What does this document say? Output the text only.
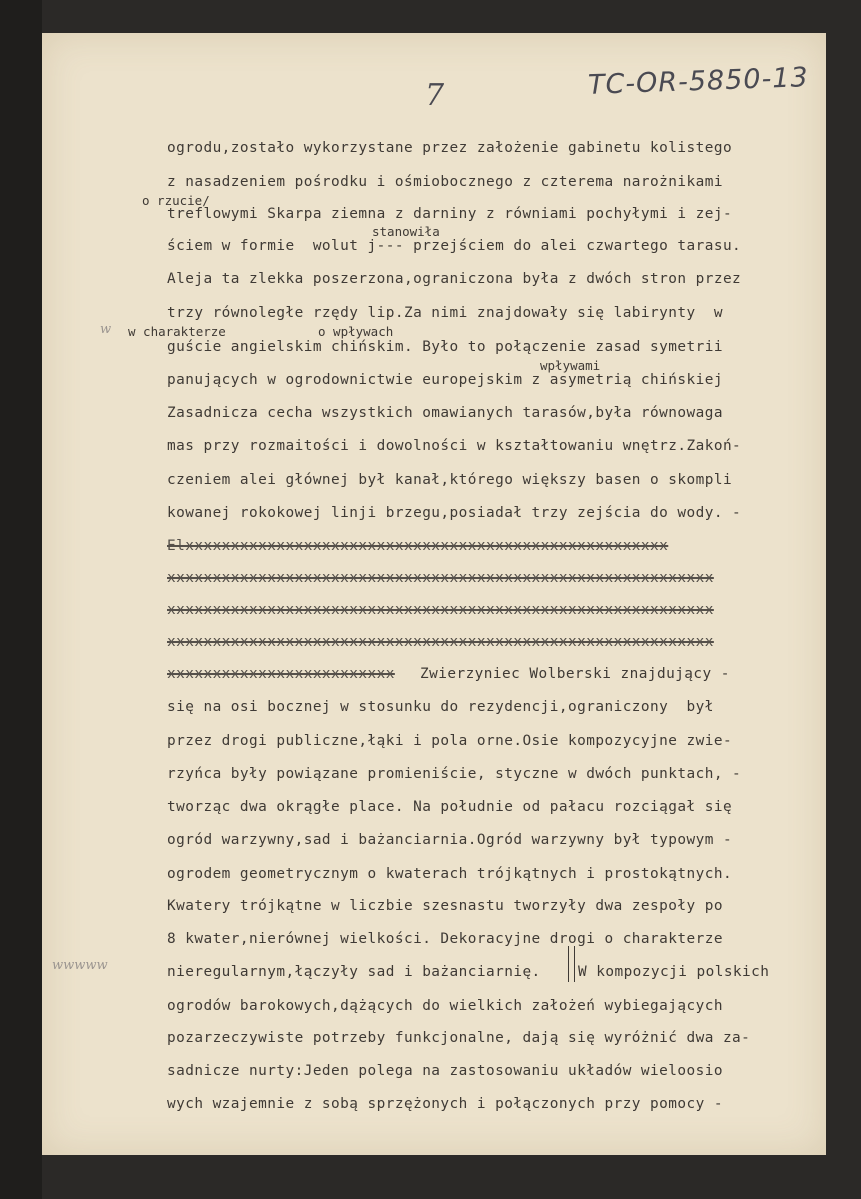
7	TC-OR-5850-13
o rzucie/
stanowiła
w charakterze	o wpływach
wpływami
w
wwwww
ogrodu,zostało wykorzystane przez założenie gabinetu kolistego
z nasadzeniem pośrodku i ośmiobocznego z czterema narożnikami
treflowymi Skarpa ziemna z darniny z równiami pochyłymi i zej-
ściem w formie  wolut j--- przejściem do alei czwartego tarasu.
Aleja ta zlekka poszerzona,ograniczona była z dwóch stron przez
trzy równoległe rzędy lip.Za nimi znajdowały się labirynty  w
guście angielskim chińskim. Było to połączenie zasad symetrii
panujących w ogrodownictwie europejskim z asymetrią chińskiej
Zasadnicza cecha wszystkich omawianych tarasów,była równowaga
mas przy rozmaitości i dowolności w kształtowaniu wnętrz.Zakoń-
czeniem alei głównej był kanał,którego większy basen o skompli
kowanej rokokowej linji brzegu,posiadał trzy zejścia do wody. -
Elxxxxxxxxxxxxxxxxxxxxxxxxxxxxxxxxxxxxxxxxxxxxxxxxxxxxx
xxxxxxxxxxxxxxxxxxxxxxxxxxxxxxxxxxxxxxxxxxxxxxxxxxxxxxxxxxxx
xxxxxxxxxxxxxxxxxxxxxxxxxxxxxxxxxxxxxxxxxxxxxxxxxxxxxxxxxxxx
xxxxxxxxxxxxxxxxxxxxxxxxxxxxxxxxxxxxxxxxxxxxxxxxxxxxxxxxxxxx
xxxxxxxxxxxxxxxxxxxxxxxxx Zwierzyniec Wolberski znajdujący -
się na osi bocznej w stosunku do rezydencji,ograniczony  był
przez drogi publiczne,łąki i pola orne.Osie kompozycyjne zwie-
rzyńca były powiązane promieniście, styczne w dwóch punktach, -
tworząc dwa okrągłe place. Na południe od pałacu rozciągał się
ogród warzywny,sad i bażanciarnia.Ogród warzywny był typowym -
ogrodem geometrycznym o kwaterach trójkątnych i prostokątnych.
Kwatery trójkątne w liczbie szesnastu tworzyły dwa zespoły po
8 kwater,nierównej wielkości. Dekoracyjne drogi o charakterze
nieregularnym,łączyły sad i bażanciarnię.	W kompozycji polskich
ogrodów barokowych,dążących do wielkich założeń wybiegających
pozarzeczywiste potrzeby funkcjonalne, dają się wyróżnić dwa za-
sadnicze nurty:Jeden polega na zastosowaniu układów wieloosio
wych wzajemnie z sobą sprzężonych i połączonych przy pomocy -
